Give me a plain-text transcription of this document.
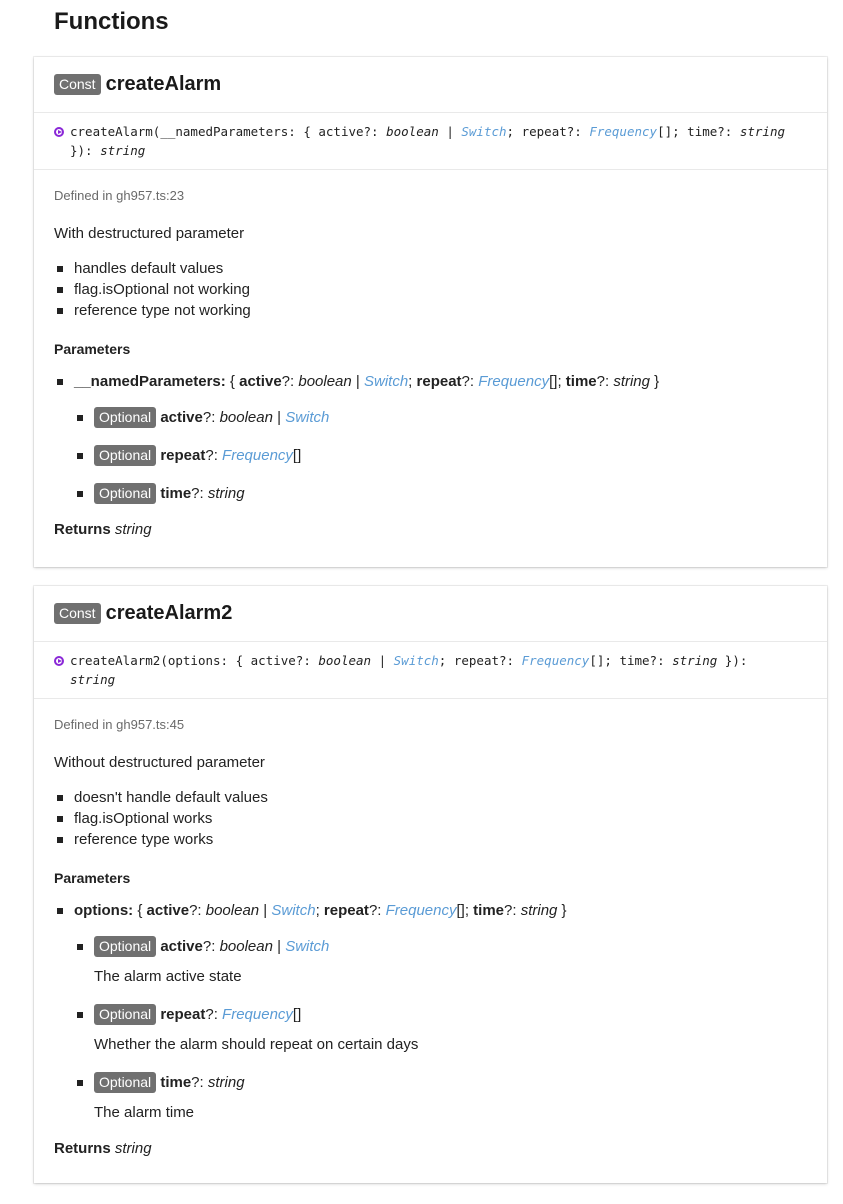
Functions
Const createAlarm
createAlarm(__namedParameters: { active?: boolean | Switch; repeat?: Frequency[]; time?: string
}): string
Defined in gh957.ts:23
With destructured parameter
handles default values
flag.isOptional not working
reference type not working
Parameters
__namedParameters: { active?: boolean | Switch; repeat?: Frequency[]; time?: string }
Optional active?: boolean | Switch
Optional repeat?: Frequency[]
Optional time?: string
Returns string
Const createAlarm2
createAlarm2(options: { active?: boolean | Switch; repeat?: Frequency[]; time?: string }):
string
Defined in gh957.ts:45
Without destructured parameter
doesn't handle default values
flag.isOptional works
reference type works
Parameters
options: { active?: boolean | Switch; repeat?: Frequency[]; time?: string }
Optional active?: boolean | Switch
The alarm active state
Optional repeat?: Frequency[]
Whether the alarm should repeat on certain days
Optional time?: string
The alarm time
Returns string
